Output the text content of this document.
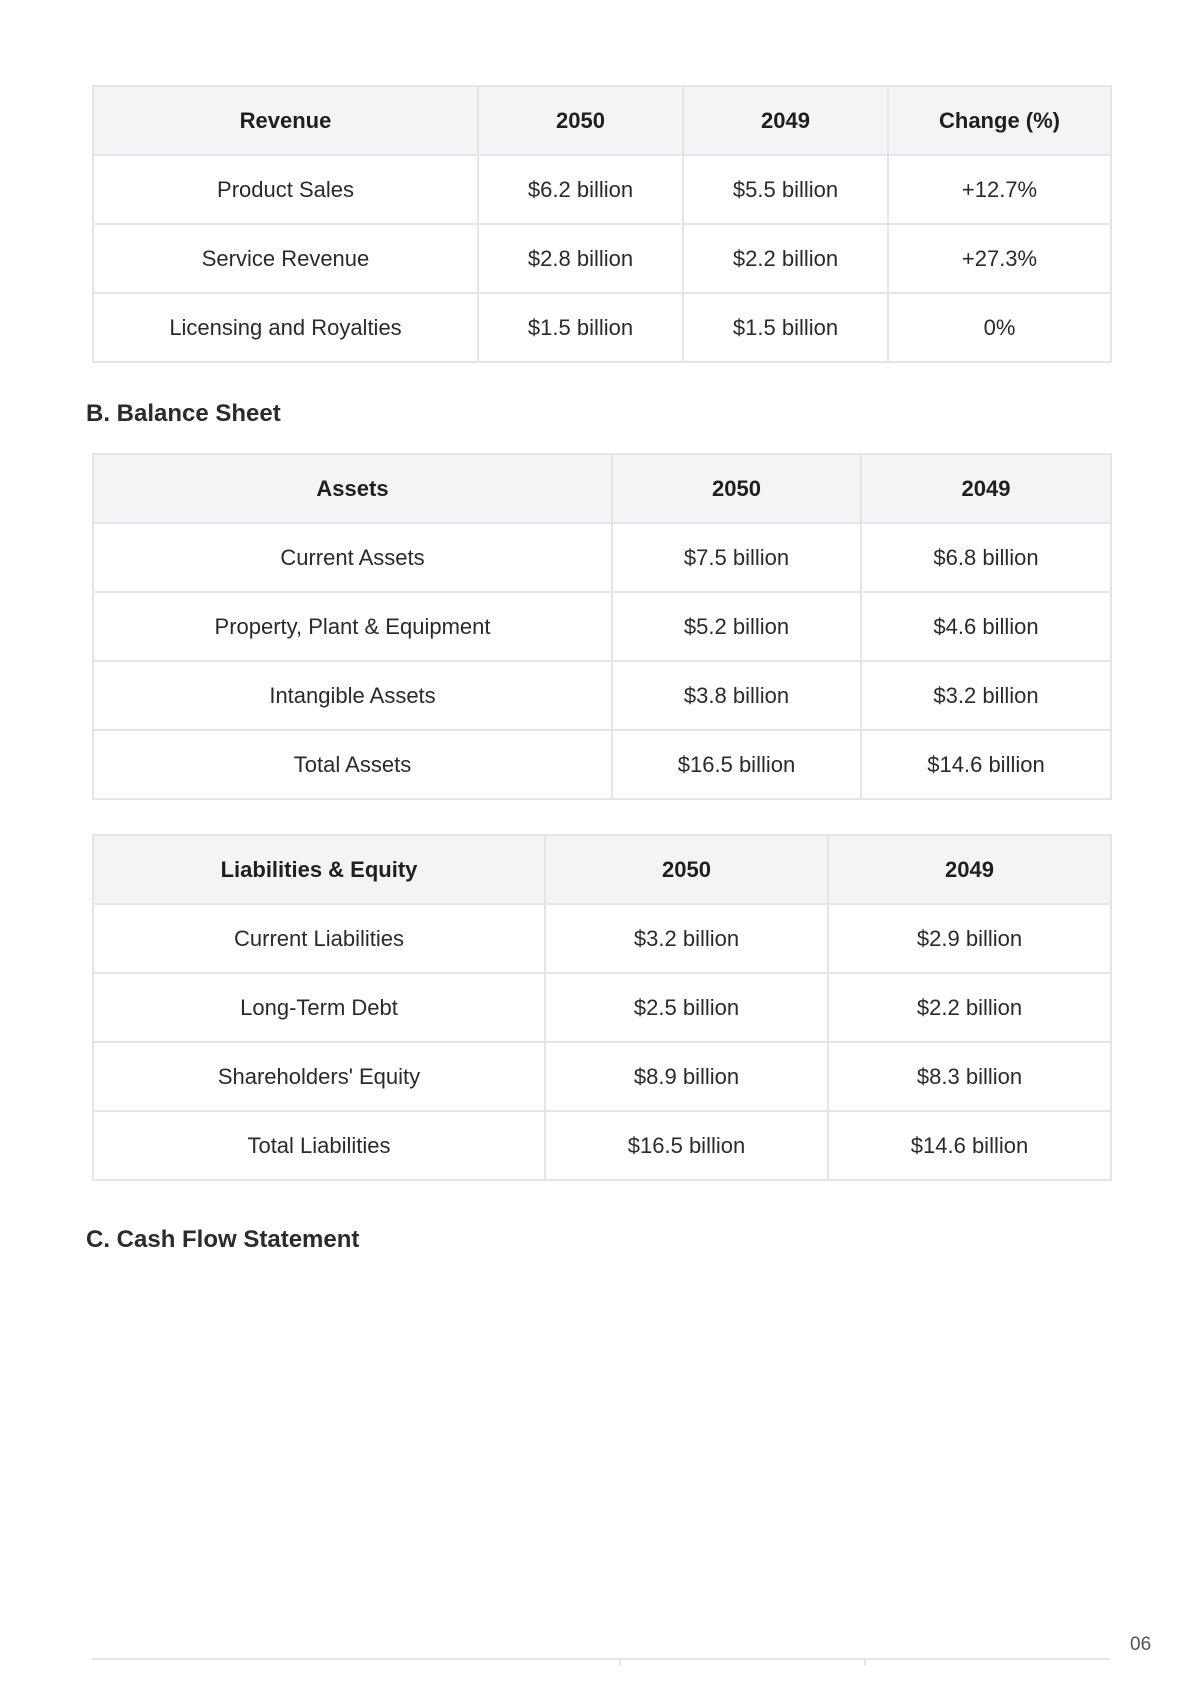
Revenue	2050	2049	Change (%)
Product Sales	$6.2 billion	$5.5 billion	+12.7%
Service Revenue	$2.8 billion	$2.2 billion	+27.3%
Licensing and Royalties	$1.5 billion	$1.5 billion	0%
B. Balance Sheet
Assets	2050	2049
Current Assets	$7.5 billion	$6.8 billion
Property, Plant & Equipment	$5.2 billion	$4.6 billion
Intangible Assets	$3.8 billion	$3.2 billion
Total Assets	$16.5 billion	$14.6 billion
Liabilities & Equity	2050	2049
Current Liabilities	$3.2 billion	$2.9 billion
Long-Term Debt	$2.5 billion	$2.2 billion
Shareholders' Equity	$8.9 billion	$8.3 billion
Total Liabilities	$16.5 billion	$14.6 billion
C. Cash Flow Statement
06
